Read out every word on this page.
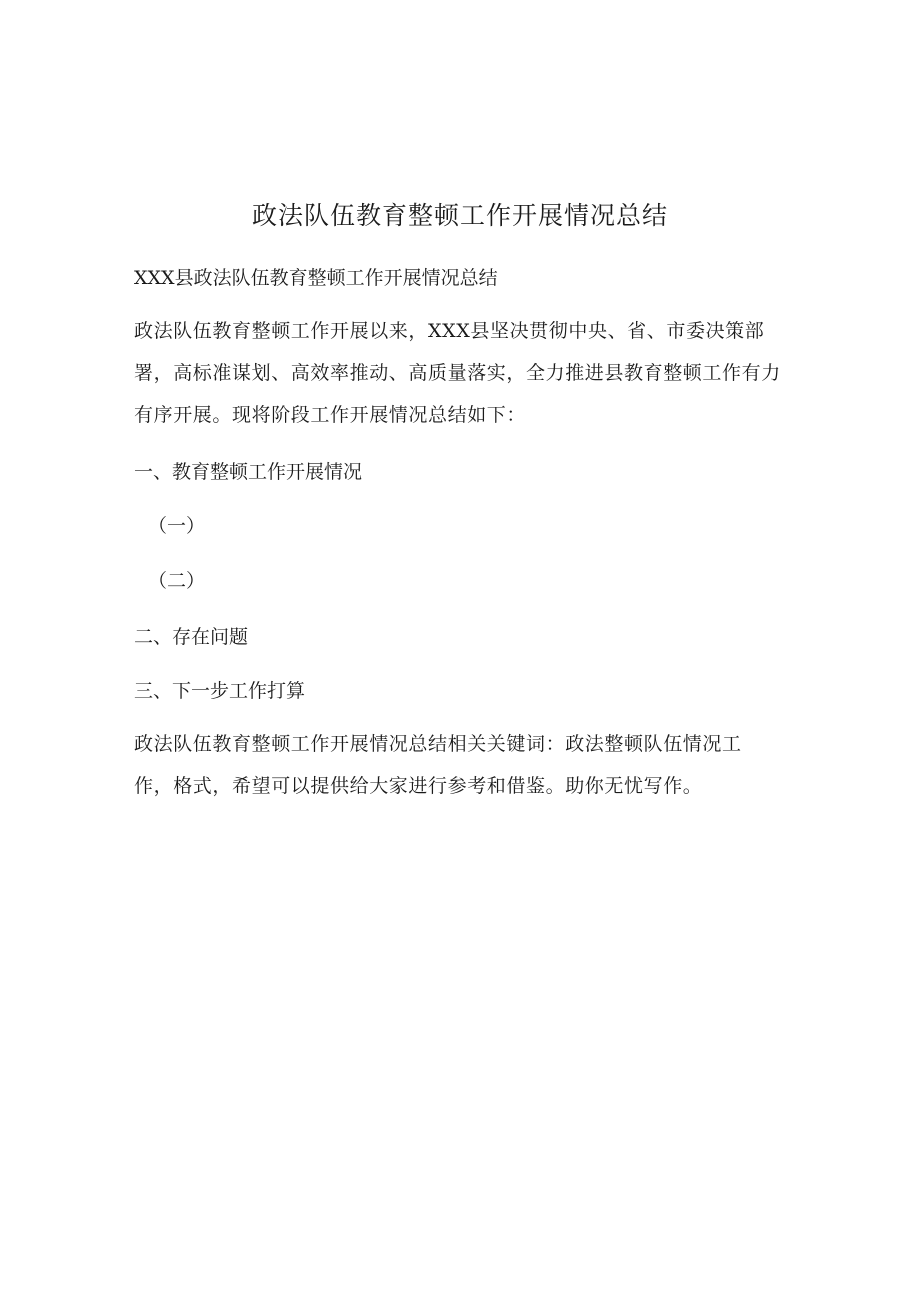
政法队伍教育整顿工作开展情况总结
XXX县政法队伍教育整顿工作开展情况总结

政法队伍教育整顿工作开展以来，XXX县坚决贯彻中央、省、市委决策部署，高标准谋划、高效率推动、高质量落实，全力推进县教育整顿工作有力有序开展。现将阶段工作开展情况总结如下：

一、教育整顿工作开展情况
（一）
（二）
二、存在问题
三、下一步工作打算

政法队伍教育整顿工作开展情况总结相关关键词：政法整顿队伍情况工作，格式，希望可以提供给大家进行参考和借鉴。助你无忧写作。
